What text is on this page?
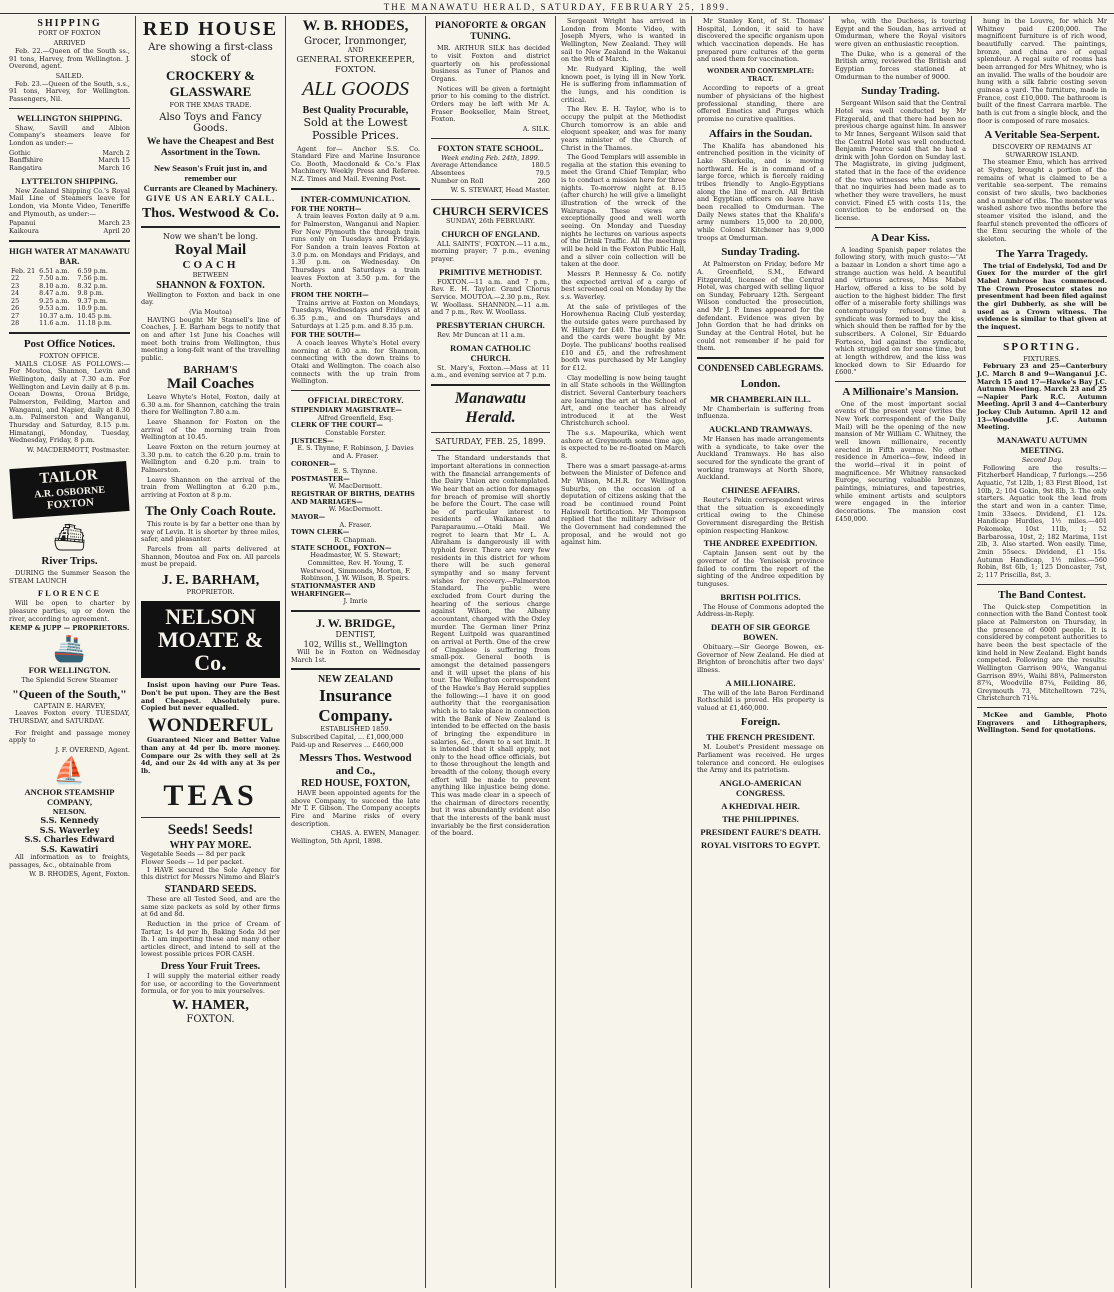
THE MANAWATU HERALD, SATURDAY, FEBRUARY 25, 1899.
SHIPPING
PORT OF FOXTON
ARRIVED

Feb. 22.—Queen of the South ss., 91 tons, Harvey, from Wellington. J. Overend, agent.

SAILED.

Feb. 23.—Queen of the South, s.s., 91 tons, Harvey, for Wellington. Passengers, Nil.

WELLINGTON SHIPPING.

Shaw, Savill and Albion Company's steamers leave for London as under:—

Gothic	March 2
Banffshire	March 15
Rangatira	March 16
LYTTELTON SHIPPING.

New Zealand Shipping Co.'s Royal Mail Line of Steamers leave for London, via Monte Video, Teneriffe and Plymouth, as under:—

Papanui	March 23
Kaikoura	April 20
HIGH WATER AT MANAWATU BAR.
Feb. 21	6.51 a.m.	6.59 p.m.
22	7.50 a.m.	7.56 p.m.
23	8.10 a.m.	8.32 p.m.
24	8.47 a.m.	9.8 p.m.
25	9.25 a.m.	9.37 p.m.
26	9.53 a.m.	10.9 p.m.
27	10.37 a.m.	10.45 p.m.
28	11.6 a.m.	11.18 p.m.
Post Office Notices.
FOXTON OFFICE.

MAILS CLOSE AS FOLLOWS:— For Moutoa, Shannon, Levin and Wellington, daily at 7.30 a.m. For Wellington and Levin daily at 8 p.m. Ocean Downs, Oroua Bridge, Palmerston, Feilding, Marton and Wanganui, and Napier, daily at 8.30 a.m. Palmerston and Wanganui, Thursday and Saturday, 8.15 p.m. Himatangi, Monday, Tuesday, Wednesday, Friday, 8 p.m.

W. MACDERMOTT, Postmaster.
TAILOR
A.R. OSBORNE
FOXTON
⛴
River Trips.

DURING the Summer Season the STEAM LAUNCH

FLORENCE

Will be open to charter by pleasure parties, up or down the river, according to agreement.

KEMP & JUPP — PROPRIETORS.
🚢
FOR WELLINGTON.
The Splendid Screw Steamer
"Queen of the South,"
CAPTAIN E. HARVEY,

Leaves Foxton every TUESDAY, THURSDAY, and SATURDAY.

For freight and passage money apply to

J. F. OVEREND, Agent.
⛵
ANCHOR STEAMSHIP COMPANY,
NELSON.
S.S. Kennedy
S.S. Waverley
S.S. Charles Edward
S.S. Kawatiri

All information as to freights, passages, &c., obtainable from

W. B. RHODES, Agent, Foxton.
RED HOUSE
Are showing a first-class stock of
CROCKERY & GLASSWARE
FOR THE XMAS TRADE.
Also Toys and Fancy Goods.
We have the Cheapest and Best Assortment in the Town.
New Season's Fruit just in, and remember our
Currants are Cleaned by Machinery.
GIVE US AN EARLY CALL.
Thos. Westwood & Co.
Now we shan't be long.
Royal Mail
COACH
BETWEEN
SHANNON & FOXTON.

Wellington to Foxton and back in one day.

(Via Moutoa)

HAVING bought Mr Stansell's line of Coaches, J. E. Barham begs to notify that on and after 1st June his Coaches will meet both trains from Wellington, thus meeting a long-felt want of the travelling public.

BARHAM'S
Mail Coaches

Leave Whyte's Hotel, Foxton, daily at 6.30 a.m. for Shannon, catching the train there for Wellington 7.80 a.m.

Leave Shannon for Foxton on the arrival of the morning train from Wellington at 10.45.

Leave Foxton on the return journey at 3.30 p.m. to catch the 6.20 p.m. train to Wellington and 6.20 p.m. train to Palmerston.

Leave Shannon on the arrival of the train from Wellington at 6.20 p.m., arriving at Foxton at 8 p.m.

The Only Coach Route.

This route is by far a better one than by way of Levin. It is shorter by three miles, safer, and pleasanter.

Parcels from all parts delivered at Shannon, Moutoa and Fox on. All parcels must be prepaid.

J. E. BARHAM,
PROPRIETOR.
NELSON MOATE & Co.

Insist upon having our Pure Teas. Don't be put upon. They are the Best and Cheapest. Absolutely pure. Copied but never equalled.

WONDERFUL

Guaranteed Nicer and Better Value than any at 4d per lb. more money. Compare our 2s with they sell at 2s 4d, and our 2s 4d with any at 3s per lb.

TEAS
Seeds! Seeds!
WHY PAY MORE.
Vegetable Seeds — 8d per pack
Flower Seeds — 1d per packet.

I HAVE secured the Sole Agency for this district for Messrs Nimmo and Blair's

STANDARD SEEDS.

These are all Tested Seed, and are the same size packets as sold by other firms at 6d and 8d.

Reduction in the price of Cream of Tartar, 1s 4d per lb, Baking Soda 3d per lb. I am importing these and many other articles direct, and intend to sell at the lowest possible prices FOR CASH.

Dress Your Fruit Trees.

I will supply the material either ready for use, or according to the Government formula, or for you to mix yourselves.

W. HAMER,
FOXTON.
W. B. RHODES,
Grocer, Ironmonger,
AND
GENERAL STOREKEEPER, FOXTON.
ALL GOODS
Best Quality Procurable,
Sold at the Lowest Possible Prices.

Agent for— Anchor S.S. Co. Standard Fire and Marine Insurance Co. Booth, Macdonald & Co.'s Flax Machinery. Weekly Press and Referee. N.Z. Times and Mail. Evening Post.

INTER-COMMUNICATION.
FOR THE NORTH—

A train leaves Foxton daily at 9 a.m. for Palmerston, Wanganui and Napier. For New Plymouth the through train runs only on Tuesdays and Fridays. For Sandon a train leaves Foxton at 3.0 p.m. on Mondays and Fridays, and 1.30 p.m. on Wednesday. On Thursdays and Saturdays a train leaves Foxton at 3.50 p.m. for the North.

FROM THE NORTH—

Trains arrive at Foxton on Mondays, Tuesdays, Wednesdays and Fridays at 6.35 p.m., and on Thursdays and Saturdays at 1.25 p.m. and 8.35 p.m.

FOR THE SOUTH—

A coach leaves Whyte's Hotel every morning at 6.30 a.m. for Shannon, connecting with the down trains to Otaki and Wellington. The coach also connects with the up train from Wellington.

OFFICIAL DIRECTORY.
STIPENDIARY MAGISTRATE—
Alfred Greenfield, Esq.
CLERK OF THE COURT—
Constable Forster.
JUSTICES—
E. S. Thynne, F. Robinson, J. Davies and A. Fraser.
CORONER—
E. S. Thynne.
POSTMASTER—
W. MacDermott.
REGISTRAR OF BIRTHS, DEATHS AND MARRIAGES—
W. MacDermott.
MAYOR—
A. Fraser.
TOWN CLERK—
R. Chapman.
STATE SCHOOL, FOXTON—
Headmaster, W. S. Stewart; Committee, Rev. H. Young, T. Westwood, Simmonds, Morton, F. Robinson, J. W. Wilson, B. Speirs.
STATIONMASTER AND WHARFINGER—
J. Imrie
J. W. BRIDGE,
DENTIST,
102, Willis st., Wellington

Will be in Foxton on Wednesday March 1st.

NEW ZEALAND
Insurance Company.
ESTABLISHED 1859.
Subscribed Capital, ... £1,000,000
Paid-up and Reserves ... £460,000
Messrs Thos. Westwood and Co.,
RED HOUSE, FOXTON,

HAVE been appointed agents for the above Company, to succeed the late Mr T. F. Gibson. The Company accepts Fire and Marine risks of every description.

CHAS. A. EWEN, Manager.
Wellington, 5th April, 1898.
PIANOFORTE & ORGAN TUNING.

MR. ARTHUR SILK has decided to visit Foxton and district quarterly on his professional business as Tuner of Pianos and Organs.

Notices will be given a fortnight prior to his coming to the district. Orders may be left with Mr A. Fraser Bookseller, Main Street, Foxton.

A. SILK.
FOXTON STATE SCHOOL.
Week ending Feb. 24th, 1899.
Average Attendance	180.5
Absentees	79.5
Number on Roll	260
W. S. STEWART, Head Master.
CHURCH SERVICES
SUNDAY, 26th FEBRUARY.
CHURCH OF ENGLAND.

ALL SAINTS', FOXTON.—11 a.m., morning prayer; 7 p.m., evening prayer.

PRIMITIVE METHODIST.

FOXTON.—11 a.m. and 7 p.m., Rev. E. H. Taylor. Grand Chorus Service. MOUTOA.—2.30 p.m., Rev. W. Woollass. SHANNON.—11 a.m. and 7 p.m., Rev. W. Woollass.

PRESBYTERIAN CHURCH.

Rev. Mr Duncan at 11 a.m.

ROMAN CATHOLIC CHURCH.

St. Mary's, Foxton.—Mass at 11 a.m., and evening service at 7 p.m.

Manawatu Herald.
SATURDAY, FEB. 25, 1899.

The Standard understands that important alterations in connection with the financial arrangements of the Dairy Union are contemplated. We hear that an action for damages for breach of promise will shortly be before the Court. The case will be of particular interest to residents of Waikanae and Paraparaumu.—Otaki Mail. We regret to learn that Mr L. A. Abraham is dangerously ill with typhoid fever. There are very few residents in this district for whom there will be such general sympathy and so many fervent wishes for recovery.—Palmerston Standard. The public were excluded from Court during the hearing of the serious charge against Wilson, the Albany accountant, charged with the Oxley murder. The German liner Prinz Regent Luitpold was quarantined on arrival at Perth. One of the crew of Cingalese is suffering from small-pox. General booth is amongst the detained passengers and it will upset the plans of his tour. The Wellington correspondent of the Hawke's Bay Herald supplies the following:—I have it on good authority that the reorganisation which is to take place in connection with the Bank of New Zealand is intended to be effected on the basis of bringing the expenditure in salaries, &c., down to a set limit. It is intended that it shall apply, not only to the head office officials, but to those throughout the length and breadth of the colony, though every effort will be made to prevent anything like injustice being done. This was made clear in a speech of the chairman of directors recently, but it was abundantly evident also that the interests of the bank must invariably be the first consideration of the board.

Sergeant Wright has arrived in London from Monte Video, with Joseph Myers, who is wanted in Wellington, New Zealand. They will sail to New Zealand in the Wakanui on the 9th of March.

Mr. Rudyard Kipling, the well known poet, is lying ill in New York. He is suffering from inflammation of the lungs, and his condition is critical.

The Rev. E. H. Taylor, who is to occupy the pulpit at the Methodist Church tomorrow is an able and eloquent speaker, and was for many years minister of the Church of Christ in the Thames.

The Good Templars will assemble in regalia at the station this evening to meet the Grand Chief Templar, who is to conduct a mission here for three nights. To-morrow night at 8.15 (after church) he will give a limelight illustration of the wreck of the Wairarapa. These views are exceptionally good and well worth seeing. On Monday and Tuesday nights he lectures on various aspects of the Drink Traffic. All the meetings will be held in the Foxton Public Hall, and a silver coin collection will be taken at the door.

Messrs P. Hennessy & Co. notify the expected arrival of a cargo of best screened coal on Monday by the s.s. Waverley.

At the sale of privileges of the Horowhenua Racing Club yesterday, the outside gates were purchased by W. Hillary for £40. The inside gates and the cards were bought by Mr. Doyle. The publicans' booths realised £10 and £5, and the refreshment booth was purchased by Mr Langley for £12.

Clay modelling is now being taught in all State schools in the Wellington district. Several Canterbury teachers are learning the art at the School of Art, and one teacher has already introduced it at the West Christchurch school.

The s.s. Mapourika, which went ashore at Greymouth some time ago, is expected to be re-floated on March 8.

There was a smart passage-at-arms between the Minister of Defence and Mr Wilson, M.H.R. for Wellington Suburbs, on the occasion of a deputation of citizens asking that the road be continued round Point Halswell fortification. Mr Thompson replied that the military adviser of the Government had condemned the proposal, and he would not go against him.

Mr Stanley Kent, of St. Thomas' Hospital, London, it said to have discovered the specific organism upon which vaccination depends. He has prepared pure cultures of the germ and used them for vaccination.

WONDER AND CONTEMPLATE: TRACT.

According to reports of a great number of physicians of the highest professional standing, there are offered Emetics and Purges which promise no curative qualities.

Affairs in the Soudan.

The Khalifa has abandoned his entrenched position in the vicinity of Lake Sherkeila, and is moving northward. He is in command of a large force, which is fiercely raiding tribes friendly to Anglo-Egyptians along the line of march. All British and Egyptian officers on leave have been recalled to Omdurman. The Daily News states that the Khalifa's army numbers 15,000 to 20,000, while Colonel Kitchener has 9,000 troops at Omdurman.

Sunday Trading.

At Palmerston on Friday, before Mr A. Greenfield, S.M., Edward Fitzgerald, licensee of the Central Hotel, was charged with selling liquor on Sunday, February 12th. Sergeant Wilson conducted the prosecution, and Mr J. P. Innes appeared for the defendant. Evidence was given by John Gordon that he had drinks on Sunday at the Central Hotel, but he could not remember if he paid for them.

CONDENSED CABLEGRAMS.
London.
MR CHAMBERLAIN ILL.

Mr Chamberlain is suffering from influenza.

AUCKLAND TRAMWAYS.

Mr Hansen has made arrangements with a syndicate, to take over the Auckland Tramways. He has also secured for the syndicate the grant of working tramways at North Shore, Auckland.

CHINESE AFFAIRS.

Reuter's Pekin correspondent wires that the situation is exceedingly critical owing to the Chinese Government disregarding the British opinion respecting Hankow.

THE ANDREE EXPEDITION.

Captain Jansen sent out by the governor of the Yeniseisk province failed to confirm the report of the sighting of the Andree expedition by tunguses.

BRITISH POLITICS.

The House of Commons adopted the Address-in-Reply.

DEATH OF SIR GEORGE BOWEN.

Obituary.—Sir George Bowen, ex-Governor of New Zealand. He died at Brighton of bronchitis after two days' illness.

A MILLIONAIRE.

The will of the late Baron Ferdinand Rothschild is proved. His property is valued at £1,460,000.

Foreign.
THE FRENCH PRESIDENT.

M. Loubet's President message on Parliament was received. He urges tolerance and concord. He eulogises the Army and its patriotism.

ANGLO-AMERICAN CONGRESS.
A KHEDIVAL HEIR.
THE PHILIPPINES.
PRESIDENT FAURE'S DEATH.
ROYAL VISITORS TO EGYPT.

who, with the Duchess, is touring Egypt and the Soudan, has arrived at Omdurman, where the Royal visitors were given an enthusiastic reception.

The Duke, who is a general of the British army, reviewed the British and Egyptian forces stationed at Omdurman to the number of 9000.

Sunday Trading.

Sergeant Wilson said that the Central Hotel was well conducted by Mr Fitzgerald, and that there had been no previous charge against him. In answer to Mr Innes, Sergeant Wilson said that the Central Hotel was well conducted. Benjamin Pearce said that he had a drink with John Gordon on Sunday last. The Magistrate, in giving judgment, stated that in the face of the evidence of the two witnesses who had sworn that no inquiries had been made as to whether they were travellers, he must convict. Fined £5 with costs 11s, the conviction to be endorsed on the license.

A Dear Kiss.

A leading Spanish paper relates the following story, with much gusto:—"At a bazaar in London a short time ago a strange auction was held. A beautiful and virtuous actress, Miss Mabel Harlow, offered a kiss to be sold by auction to the highest bidder. The first offer of a miserable forty shillings was contemptuously refused, and a syndicate was formed to buy the kiss, which should then be raffled for by the subscribers. A Colonel, Sir Eduardo Fortesco, bid against the syndicate, which struggled on for some time, but at length withdrew, and the kiss was knocked down to Sir Eduardo for £600."

A Millionaire's Mansion.

One of the most important social events of the present year (writes the New York correspondent of the Daily Mail) will be the opening of the new mansion of Mr William C. Whitney, the well known millionaire, recently erected in Fifth avenue. No other residence in America—few, indeed in the world—rival it in point of magnificence. Mr Whitney ransacked Europe, securing valuable bronzes, paintings, miniatures, and tapestries, while eminent artists and sculptors were engaged in the interior decorations. The mansion cost £450,000.

hung in the Louvre, for which Mr Whitney paid £200,000. The magnificent furniture is of rich wood, beautifully carved. The paintings, bronze, and china are of equal splendour. A regal suite of rooms has been arranged for Mrs Whitney, who is an invalid. The walls of the boudoir are hung with a silk fabric costing seven guineas a yard. The furniture, made in France, cost £10,000. The bathroom is built of the finest Carrara marble. The bath is cut from a single block, and the floor is composed of rare mosaics.

A Veritable Sea-Serpent.
DISCOVERY OF REMAINS AT SUWARROW ISLAND.

The steamer Emu, which has arrived at Sydney, brought a portion of the remains of what is claimed to be a veritable sea-serpent. The remains consist of two skulls, two backbones and a number of ribs. The monster was washed ashore two months before the steamer visited the island, and the fearful stench prevented the officers of the Emu securing the whole of the skeleton.

The Yarra Tragedy.

The trial of Endelyski, Tod and Dr Guex for the murder of the girl Mabel Ambrose has commenced. The Crown Prosecutor states no presentment had been filed against the girl Dubberly, as she will be used as a Crown witness. The evidence is similar to that given at the inquest.

SPORTING.
FIXTURES.

February 23 and 25—Canterbury J.C. March 8 and 9—Wanganui J.C. March 15 and 17—Hawke's Bay J.C. Autumn Meeting. March 23 and 25—Napier Park R.C. Autumn Meeting. April 3 and 4—Canterbury Jockey Club Autumn. April 12 and 13—Woodville J.C. Autumn Meeting.

MANAWATU AUTUMN MEETING.
Second Day.

Following are the results:— Fitzherbert Handicap, 7 furlongs.—256 Aquatic, 7st 12lb, 1; 83 First Blood, 1st 10lb, 2; 104 Gokin, 9st 8lb, 3. The only starters. Aquatic took the lead from the start and won in a canter. Time, 1min 33secs. Dividend, £1 12s. Handicap Hurdles, 1½ miles.—401 Pokomoke, 10st 11lb, 1; 52 Barbarossa, 10st, 2; 182 Marima, 11st 2lb, 3. Also started. Won easily. Time, 2min 55secs. Dividend, £1 15s. Autumn Handicap, 1½ miles.—560 Robin, 8st 6lb, 1; 125 Doncaster, 7st, 2; 117 Priscilla, 8st, 3.

The Band Contest.

The Quick-step Competition in connection with the Band Contest took place at Palmerston on Thursday, in the presence of 6000 people. It is considered by competent authorities to have been the best spectacle of the kind held in New Zealand. Eight bands competed. Following are the results: Wellington Garrison 90¼, Wanganui Garrison 89½, Waihi 88¼, Palmerston 87¾, Woodville 87¼, Feilding 86, Greymouth 73, Mitchelltown 72¾, Christchurch 71¾.

McKee and Gamble, Photo Engravers and Lithographers, Wellington. Send for quotations.
